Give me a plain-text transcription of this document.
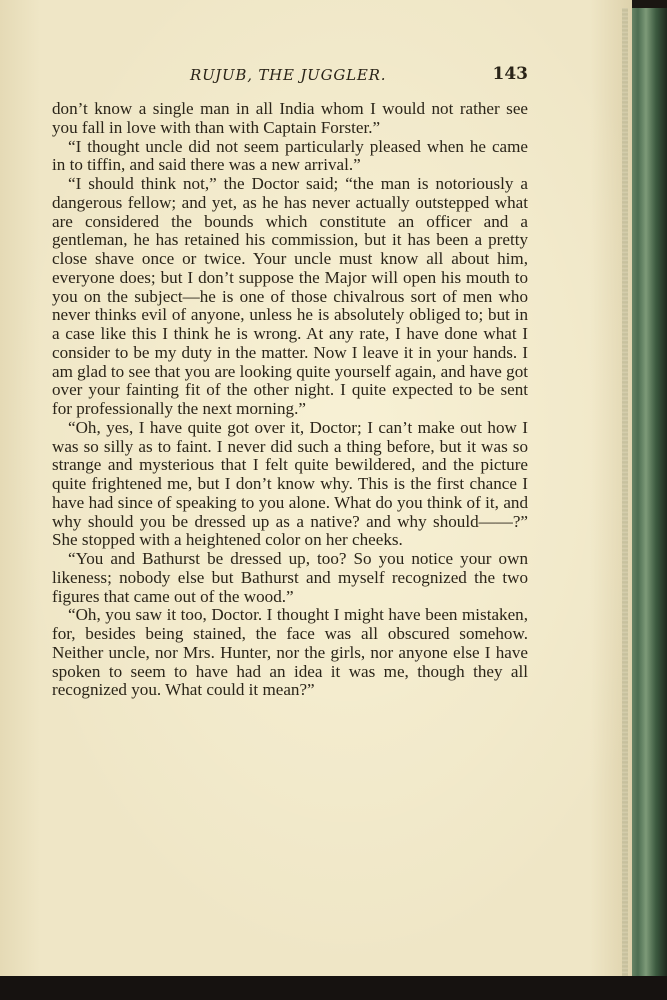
RUJUB, THE JUGGLER.	143

don’t know a single man in all India whom I would not rather see you fall in love with than with Captain Forster.”

“I thought uncle did not seem particularly pleased when he came in to tiffin, and said there was a new arrival.”

“I should think not,” the Doctor said; “the man is notoriously a dangerous fellow; and yet, as he has never actually outstepped what are considered the bounds which constitute an officer and a gentleman, he has retained his commission, but it has been a pretty close shave once or twice. Your uncle must know all about him, everyone does; but I don’t suppose the Major will open his mouth to you on the subject—he is one of those chivalrous sort of men who never thinks evil of anyone, unless he is absolutely obliged to; but in a case like this I think he is wrong. At any rate, I have done what I consider to be my duty in the matter. Now I leave it in your hands. I am glad to see that you are looking quite yourself again, and have got over your fainting fit of the other night. I quite expected to be sent for professionally the next morning.”

“Oh, yes, I have quite got over it, Doctor; I can’t make out how I was so silly as to faint. I never did such a thing before, but it was so strange and mysterious that I felt quite bewildered, and the picture quite frightened me, but I don’t know why. This is the first chance I have had since of speaking to you alone. What do you think of it, and why should you be dressed up as a native? and why should——?” She stopped with a heightened color on her cheeks.

“You and Bathurst be dressed up, too? So you notice your own likeness; nobody else but Bathurst and myself recognized the two figures that came out of the wood.”

“Oh, you saw it too, Doctor. I thought I might have been mistaken, for, besides being stained, the face was all obscured somehow. Neither uncle, nor Mrs. Hunter, nor the girls, nor anyone else I have spoken to seem to have had an idea it was me, though they all recognized you. What could it mean?”
